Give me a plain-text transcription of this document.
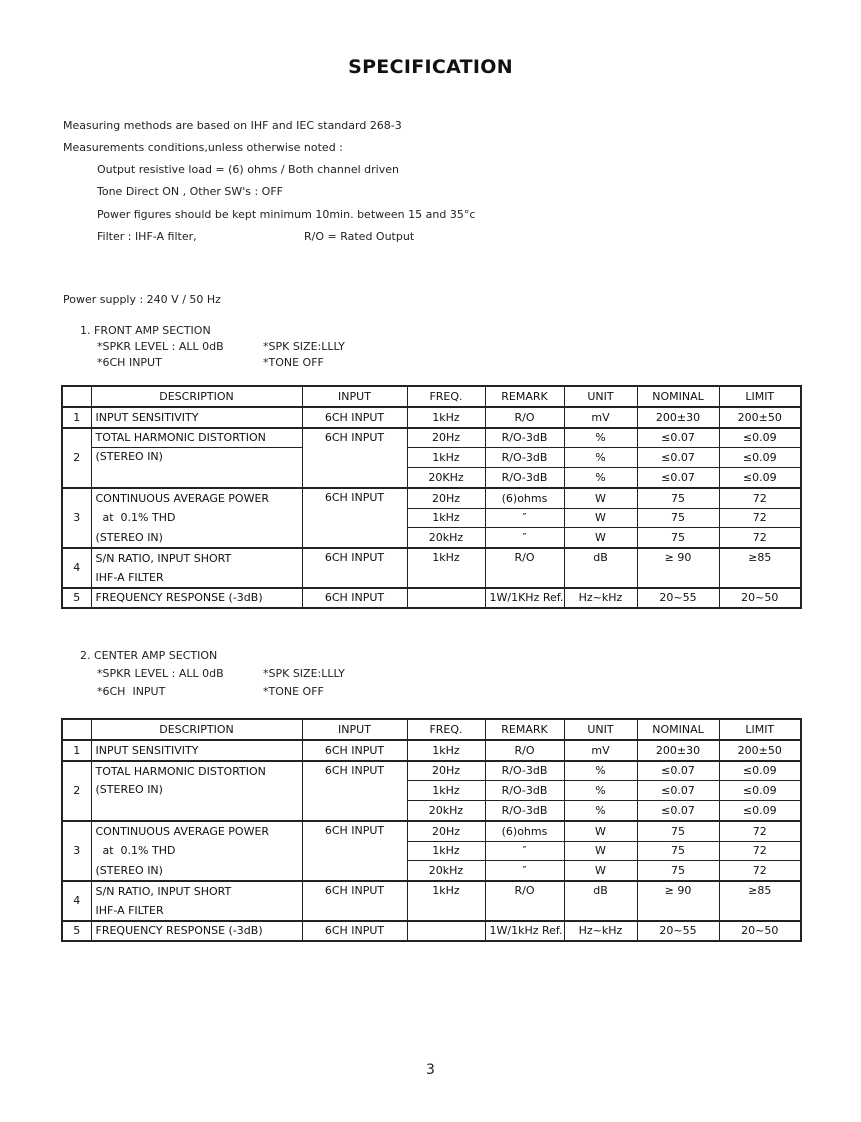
SPECIFICATION
Measuring methods are based on IHF and IEC standard 268-3
Measurements conditions,unless otherwise noted :
Output resistive load = (6) ohms / Both channel driven
Tone Direct ON , Other SW's : OFF
Power figures should be kept minimum 10min. between 15 and 35°c
Filter : IHF-A filter,	R/O = Rated Output
Power supply : 240 V / 50 Hz
1. FRONT AMP SECTION
*SPKR LEVEL : ALL 0dB	*SPK SIZE:LLLY
*6CH INPUT	*TONE OFF
	DESCRIPTION	INPUT	FREQ.	REMARK	UNIT	NOMINAL	LIMIT
1	INPUT SENSITIVITY	6CH INPUT	1kHz	R/O	mV	200±30	200±50
2	TOTAL HARMONIC DISTORTION	6CH INPUT	20Hz	R/O-3dB	%	≤0.07	≤0.09
	(STEREO IN)		1kHz	R/O-3dB	%	≤0.07	≤0.09
			20KHz	R/O-3dB	%	≤0.07	≤0.09
3	CONTINUOUS AVERAGE POWER	6CH INPUT	20Hz	(6)ohms	W	75	72
	at  0.1% THD		1kHz	″	W	75	72
	(STEREO IN)		20kHz	″	W	75	72
4	S/N RATIO, INPUT SHORT	6CH INPUT	1kHz	R/O	dB	≥ 90	≥85
	IHF-A FILTER						
5	FREQUENCY RESPONSE (-3dB)	6CH INPUT		1W/1KHz Ref.	Hz~kHz	20~55	20~50
2. CENTER AMP SECTION
*SPKR LEVEL : ALL 0dB	*SPK SIZE:LLLY
*6CH  INPUT	*TONE OFF
	DESCRIPTION	INPUT	FREQ.	REMARK	UNIT	NOMINAL	LIMIT
1	INPUT SENSITIVITY	6CH INPUT	1kHz	R/O	mV	200±30	200±50
2	TOTAL HARMONIC DISTORTION	6CH INPUT	20Hz	R/O-3dB	%	≤0.07	≤0.09
	(STEREO IN)		1kHz	R/O-3dB	%	≤0.07	≤0.09
			20kHz	R/O-3dB	%	≤0.07	≤0.09
3	CONTINUOUS AVERAGE POWER	6CH INPUT	20Hz	(6)ohms	W	75	72
	at  0.1% THD		1kHz	″	W	75	72
	(STEREO IN)		20kHz	″	W	75	72
4	S/N RATIO, INPUT SHORT	6CH INPUT	1kHz	R/O	dB	≥ 90	≥85
	IHF-A FILTER						
5	FREQUENCY RESPONSE (-3dB)	6CH INPUT		1W/1kHz Ref.	Hz~kHz	20~55	20~50
3
